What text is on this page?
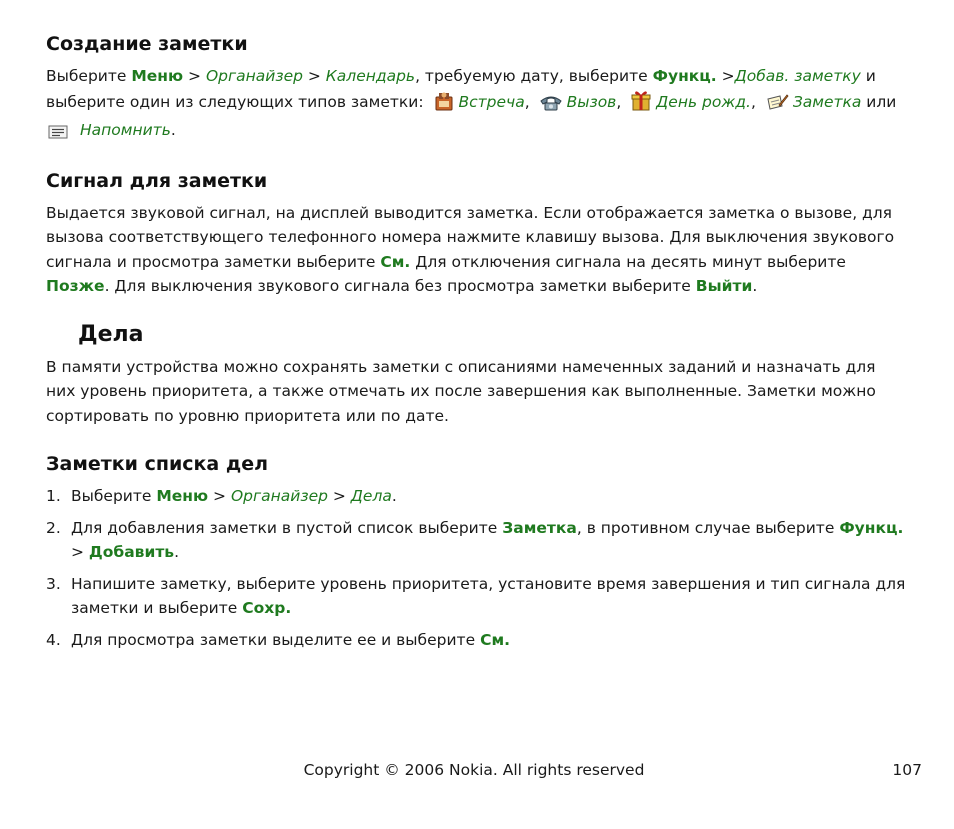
Создание заметки

Выберите Меню > Органайзер > Календарь, требуемую дату, выберите Функц. >Добав. заметку и выберите один из следующих типов заметки: Встреча, Вызов, День рожд., Заметка или
Напомнить.

Сигнал для заметки

Выдается звуковой сигнал, на дисплей выводится заметка. Если отображается заметка о вызове, для вызова соответствующего телефонного номера нажмите клавишу вызова. Для выключения звукового сигнала и просмотра заметки выберите См. Для отключения сигнала на десять минут выберите Позже. Для выключения звукового сигнала без просмотра заметки выберите Выйти.

Дела

В памяти устройства можно сохранять заметки с описаниями намеченных заданий и назначать для них уровень приоритета, а также отмечать их после завершения как выполненные. Заметки можно сортировать по уровню приоритета или по дате.

Заметки списка дел
1. Выберите Меню > Органайзер > Дела.
2. Для добавления заметки в пустой список выберите Заметка, в противном случае выберите Функц. > Добавить.
3. Напишите заметку, выберите уровень приоритета, установите время завершения и тип сигнала для заметки и выберите Сохр.
4. Для просмотра заметки выделите ее и выберите См.
Copyright © 2006 Nokia. All rights reserved	107
